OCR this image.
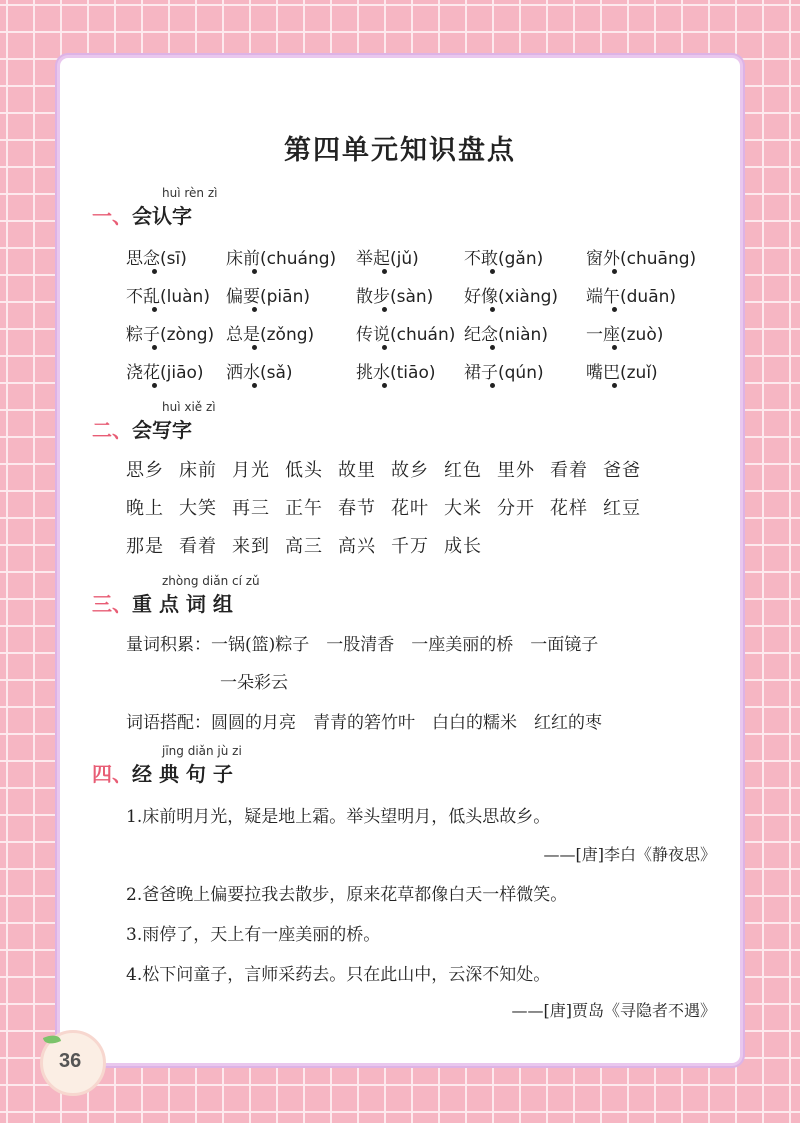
第四单元知识盘点
huì rèn zì
一、会认字
huì xiě zì
二、会写字
zhòng diǎn cí zǔ
三、重 点 词 组
量词积累：一锅(篮)粽子　一股清香　一座美丽的桥　一面镜子
一朵彩云
词语搭配：圆圆的月亮　青青的箬竹叶　白白的糯米　红红的枣
jīng diǎn jù zi
四、经 典 句 子
1.床前明月光，疑是地上霜。举头望明月，低头思故乡。
——[唐]李白《静夜思》
2.爸爸晚上偏要拉我去散步，原来花草都像白天一样微笑。
3.雨停了，天上有一座美丽的桥。
4.松下问童子，言师采药去。只在此山中，云深不知处。
——[唐]贾岛《寻隐者不遇》
思念(sī) 床前(chuáng) 举起(jǔ)	不敢(gǎn)	窗外(chuāng)
不乱(luàn) 偏要(piān)	散步(sàn) 好像(xiàng) 端午(duān)
粽子(zòng) 总是(zǒng) 传说(chuán) 纪念(niàn) 一座(zuò)
浇花(jiāo) 洒水(sǎ)	挑水(tiāo) 裙子(qún) 嘴巴(zuǐ)
思乡 床前 月光 低头 故里 故乡 红色 里外 看着 爸爸
晚上 大笑 再三 正午 春节 花叶 大米 分开 花样 红豆
那是 看着 来到 高三 高兴 千万 成长
36
